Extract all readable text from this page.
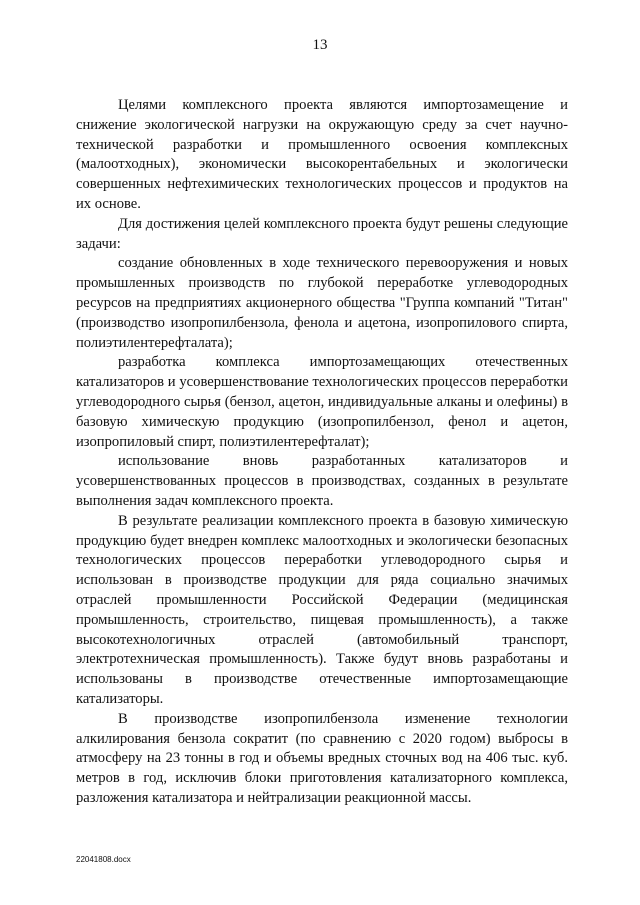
13

Целями комплексного проекта являются импортозамещение и снижение экологической нагрузки на окружающую среду за счет научно-технической разработки и промышленного освоения комплексных (малоотходных), экономически высокорентабельных и экологически совершенных нефтехимических технологических процессов и продуктов на их основе.

Для достижения целей комплексного проекта будут решены следующие задачи:

создание обновленных в ходе технического перевооружения и новых промышленных производств по глубокой переработке углеводородных ресурсов на предприятиях акционерного общества "Группа компаний "Титан" (производство изопропилбензола, фенола и ацетона, изопропилового спирта, полиэтилентерефталата);

разработка комплекса импортозамещающих отечественных катализаторов и усовершенствование технологических процессов переработки углеводородного сырья (бензол, ацетон, индивидуальные алканы и олефины) в базовую химическую продукцию (изопропилбензол, фенол и ацетон, изопропиловый спирт, полиэтилентерефталат);

использование вновь разработанных катализаторов и усовершенствованных процессов в производствах, созданных в результате выполнения задач комплексного проекта.

В результате реализации комплексного проекта в базовую химическую продукцию будет внедрен комплекс малоотходных и экологически безопасных технологических процессов переработки углеводородного сырья и использован в производстве продукции для ряда социально значимых отраслей промышленности Российской Федерации (медицинская промышленность, строительство, пищевая промышленность), а также высокотехнологичных отраслей (автомобильный транспорт, электротехническая промышленность). Также будут вновь разработаны и использованы в производстве отечественные импортозамещающие катализаторы.

В производстве изопропилбензола изменение технологии алкилирования бензола сократит (по сравнению с 2020 годом) выбросы в атмосферу на 23 тонны в год и объемы вредных сточных вод на 406 тыс. куб. метров в год, исключив блоки приготовления катализаторного комплекса, разложения катализатора и нейтрализации реакционной массы.

22041808.docx
